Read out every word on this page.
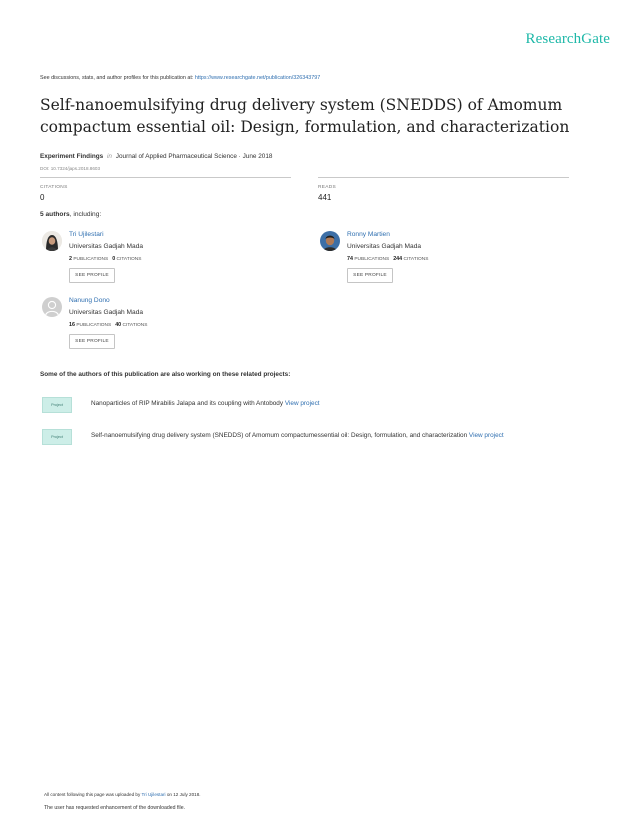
ResearchGate
See discussions, stats, and author profiles for this publication at: https://www.researchgate.net/publication/326343797
Self-nanoemulsifying drug delivery system (SNEDDS) of Amomum compactum essential oil: Design, formulation, and characterization
Experiment Findings in Journal of Applied Pharmaceutical Science · June 2018
DOI: 10.7324/japs.2018.8603
CITATIONS
0
READS
441
5 authors, including:
Tri Ujilestari
Universitas Gadjah Mada
2 PUBLICATIONS 0 CITATIONS
SEE PROFILE
Ronny Martien
Universitas Gadjah Mada
74 PUBLICATIONS 244 CITATIONS
SEE PROFILE
Nanung Dono
Universitas Gadjah Mada
16 PUBLICATIONS 40 CITATIONS
SEE PROFILE
Some of the authors of this publication are also working on these related projects:
Project	Nanoparticles of RIP Mirabilis Jalapa and its coupling with Antobody View project
Project	Self-nanoemulsifying drug delivery system (SNEDDS) of Amomum compactumessential oil: Design, formulation, and characterization View project
All content following this page was uploaded by Tri Ujilestari on 12 July 2018.
The user has requested enhancement of the downloaded file.
